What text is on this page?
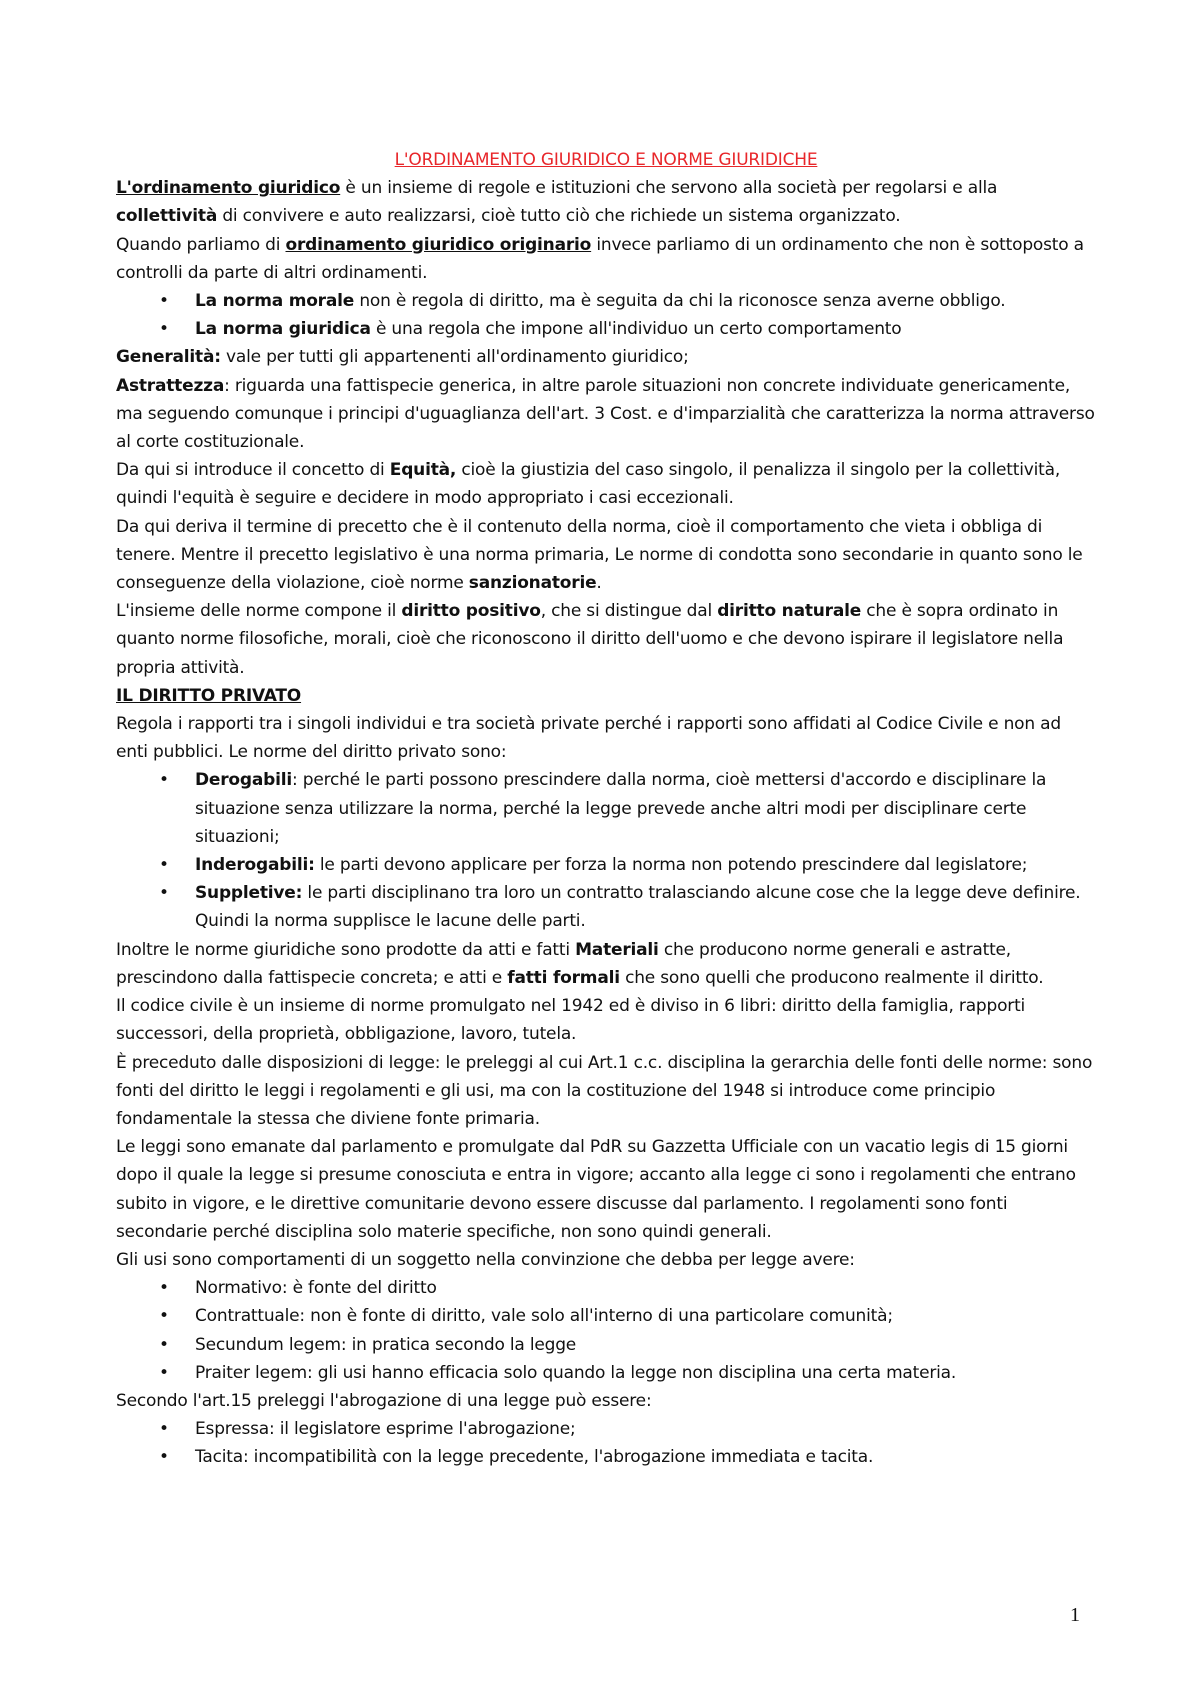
L'ORDINAMENTO GIURIDICO E NORME GIURIDICHE

L'ordinamento giuridico è un insieme di regole e istituzioni che servono alla società per regolarsi e alla collettività di convivere e auto realizzarsi, cioè tutto ciò che richiede un sistema organizzato.

Quando parliamo di ordinamento giuridico originario invece parliamo di un ordinamento che non è sottoposto a controlli da parte di altri ordinamenti.

• La norma morale non è regola di diritto, ma è seguita da chi la riconosce senza averne obbligo.
• La norma giuridica è una regola che impone all'individuo un certo comportamento

Generalità: vale per tutti gli appartenenti all'ordinamento giuridico;

Astrattezza: riguarda una fattispecie generica, in altre parole situazioni non concrete individuate genericamente, ma seguendo comunque i principi d'uguaglianza dell'art. 3 Cost. e d'imparzialità che caratterizza la norma attraverso al corte costituzionale.

Da qui si introduce il concetto di Equità, cioè la giustizia del caso singolo, il penalizza il singolo per la collettività, quindi l'equità è seguire e decidere in modo appropriato i casi eccezionali.

Da qui deriva il termine di precetto che è il contenuto della norma, cioè il comportamento che vieta i obbliga di tenere. Mentre il precetto legislativo è una norma primaria, Le norme di condotta sono secondarie in quanto sono le conseguenze della violazione, cioè norme sanzionatorie.

L'insieme delle norme compone il diritto positivo, che si distingue dal diritto naturale che è sopra ordinato in quanto norme filosofiche, morali, cioè che riconoscono il diritto dell'uomo e che devono ispirare il legislatore nella propria attività.

IL DIRITTO PRIVATO

Regola i rapporti tra i singoli individui e tra società private perché i rapporti sono affidati al Codice Civile e non ad enti pubblici. Le norme del diritto privato sono:

• Derogabili: perché le parti possono prescindere dalla norma, cioè mettersi d'accordo e disciplinare la situazione senza utilizzare la norma, perché la legge prevede anche altri modi per disciplinare certe situazioni;
• Inderogabili: le parti devono applicare per forza la norma non potendo prescindere dal legislatore;
• Suppletive: le parti disciplinano tra loro un contratto tralasciando alcune cose che la legge deve definire. Quindi la norma supplisce le lacune delle parti.

Inoltre le norme giuridiche sono prodotte da atti e fatti Materiali che producono norme generali e astratte, prescindono dalla fattispecie concreta; e atti e fatti formali che sono quelli che producono realmente il diritto.

Il codice civile è un insieme di norme promulgato nel 1942 ed è diviso in 6 libri: diritto della famiglia, rapporti successori, della proprietà, obbligazione, lavoro, tutela.

È preceduto dalle disposizioni di legge: le preleggi al cui Art.1 c.c. disciplina la gerarchia delle fonti delle norme: sono fonti del diritto le leggi i regolamenti e gli usi, ma con la costituzione del 1948 si introduce come principio fondamentale la stessa che diviene fonte primaria.

Le leggi sono emanate dal parlamento e promulgate dal PdR su Gazzetta Ufficiale con un vacatio legis di 15 giorni dopo il quale la legge si presume conosciuta e entra in vigore; accanto alla legge ci sono i regolamenti che entrano subito in vigore, e le direttive comunitarie devono essere discusse dal parlamento. I regolamenti sono fonti secondarie perché disciplina solo materie specifiche, non sono quindi generali.

Gli usi sono comportamenti di un soggetto nella convinzione che debba per legge avere:

• Normativo: è fonte del diritto
• Contrattuale: non è fonte di diritto, vale solo all'interno di una particolare comunità;
• Secundum legem: in pratica secondo la legge
• Praiter legem: gli usi hanno efficacia solo quando la legge non disciplina una certa materia.

Secondo l'art.15 preleggi l'abrogazione di una legge può essere:

• Espressa: il legislatore esprime l'abrogazione;
• Tacita: incompatibilità con la legge precedente, l'abrogazione immediata e tacita.
1
